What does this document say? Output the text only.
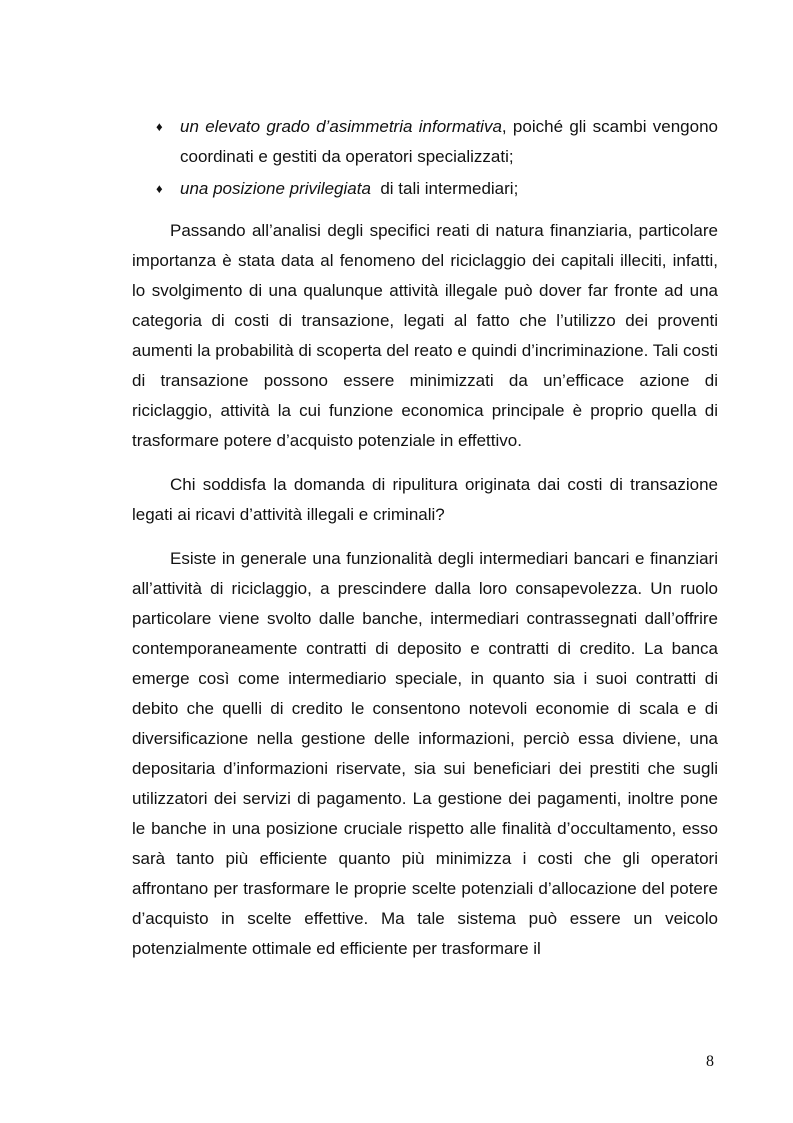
♦ un elevato grado d’asimmetria informativa, poiché gli scambi vengono coordinati e gestiti da operatori specializzati;
♦ una posizione privilegiata  di tali intermediari;

Passando all’analisi degli specifici reati di natura finanziaria, particolare importanza è stata data al fenomeno del riciclaggio dei capitali illeciti, infatti, lo svolgimento di una qualunque attività illegale può dover far fronte ad una categoria di costi di transazione, legati al fatto che l’utilizzo dei proventi aumenti la probabilità di scoperta del reato e quindi d’incriminazione. Tali costi di transazione possono essere minimizzati da un’efficace azione di riciclaggio, attività la cui funzione economica principale è proprio quella di trasformare potere d’acquisto potenziale in effettivo.

Chi soddisfa la domanda di ripulitura originata dai costi di transazione legati ai ricavi d’attività illegali e criminali?

Esiste in generale una funzionalità degli intermediari bancari e finanziari all’attività di riciclaggio, a prescindere dalla loro consapevolezza. Un ruolo particolare viene svolto dalle banche, intermediari contrassegnati dall’offrire contemporaneamente contratti di deposito e contratti di credito. La banca emerge così come intermediario speciale, in quanto sia i suoi contratti di debito che quelli di credito le consentono notevoli economie di scala e di diversificazione nella gestione delle informazioni, perciò essa diviene, una depositaria d’informazioni riservate, sia sui beneficiari dei prestiti che sugli utilizzatori dei servizi di pagamento. La gestione dei pagamenti, inoltre pone le banche in una posizione cruciale rispetto alle finalità d’occultamento, esso sarà tanto più efficiente quanto più minimizza i costi che gli operatori affrontano per trasformare le proprie scelte potenziali d’allocazione del potere d’acquisto in scelte effettive. Ma tale sistema può essere un veicolo potenzialmente ottimale ed efficiente per trasformare il

8
